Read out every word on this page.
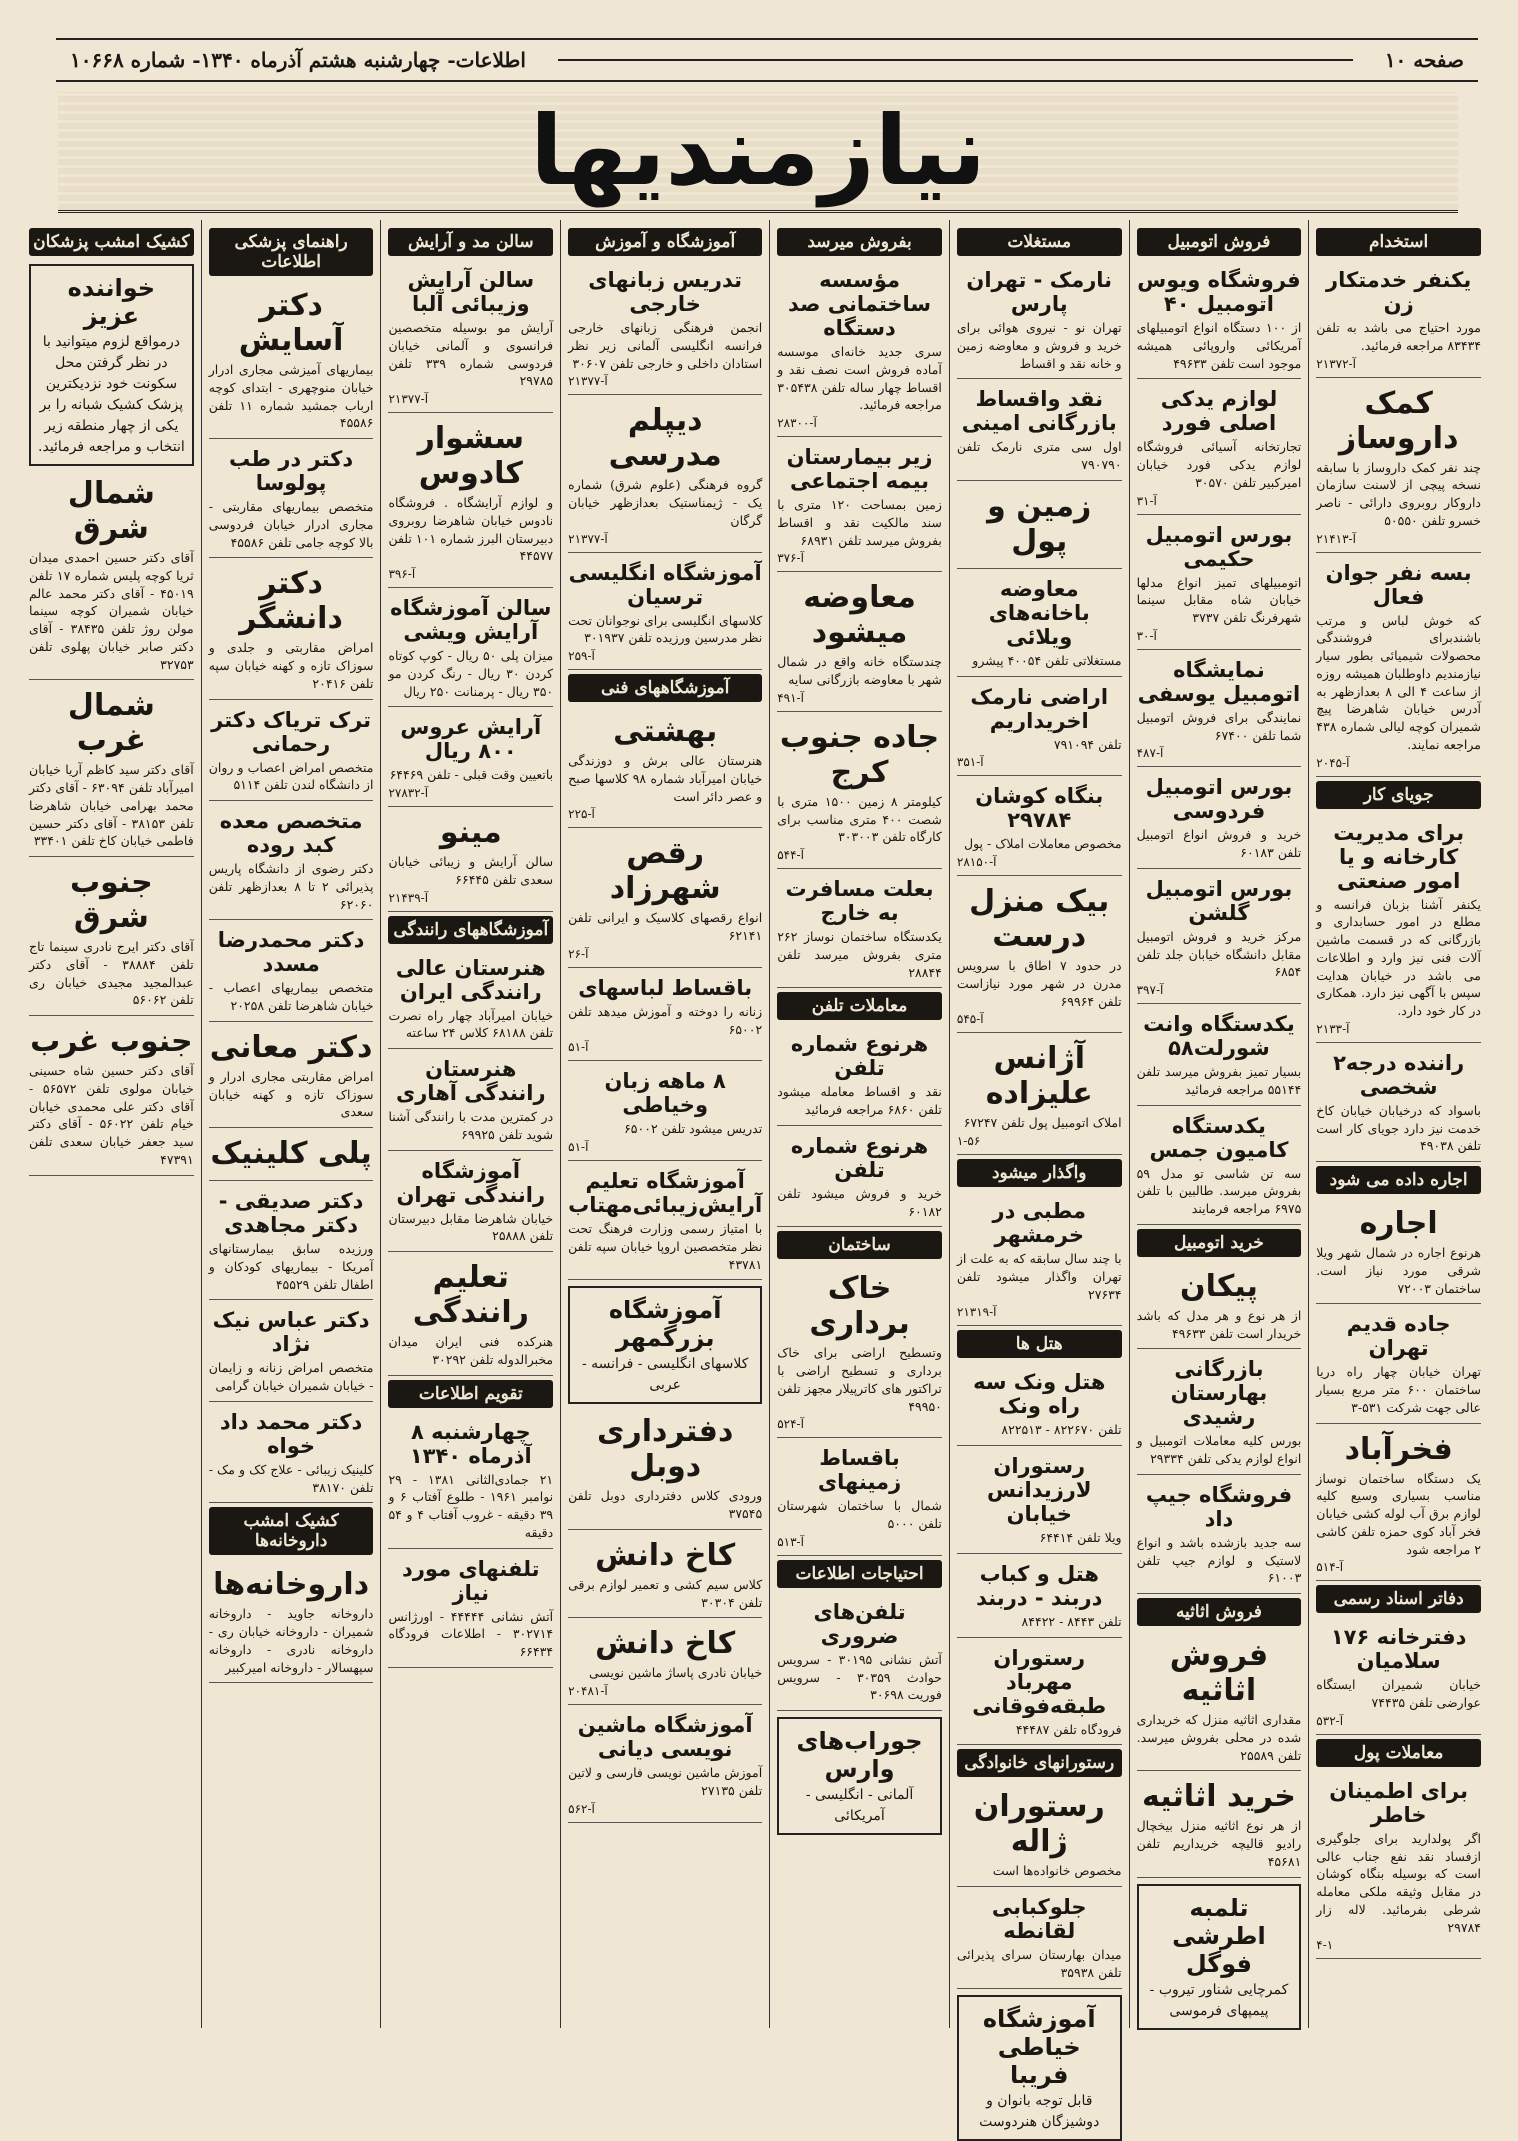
صفحه ۱۰
اطلاعات- چهارشنبه هشتم آذرماه ۱۳۴۰- شماره ۱۰۶۶۸
نیازمندیها
استخدام
یکنفر خدمتکار زن

مورد احتیاج می باشد به تلفن ۸۳۴۳۴ مراجعه فرمائید.

آ-۲۱۳۷۲
کمک داروساز

چند نفر کمک داروساز با سابقه نسخه پیچی از لاسنت سازمان داروکار روبروی دارائی - ناصر خسرو تلفن ۵۰۵۵۰

آ-۲۱۴۱۳
بسه نفر جوان فعال

که خوش لباس و مرتب باشندبرای فروشندگی محصولات شیمیائی بطور سیار نیازمندیم داوطلبان همیشه روزه از ساعت ۴ الی ۸ بعدازظهر به آدرس خیابان شاهرضا پیچ شمیران کوچه لیالی شماره ۴۳۸ مراجعه نمایند.

آ-۲۰۴۵
جویای کار
برای مدیریت کارخانه و یا امور صنعتی

یکنفر آشنا بزبان فرانسه و مطلع در امور حسابداری و بازرگانی که در قسمت ماشین آلات فنی نیز وارد و اطلاعات می باشد در خیابان هدایت سپس با آگهی نیز دارد. همکاری در کار خود دارد.

آ-۲۱۳۳
راننده درجه۲ شخصی

باسواد که درخیابان خیابان کاخ خدمت نیز دارد جویای کار است تلفن ۴۹۰۳۸

اجاره داده می شود
اجاره

هرنوع اجاره در شمال شهر ویلا شرقی مورد نیاز است. ساختمان ۷۲۰۰۳

جاده قدیم تهران

تهران خیابان چهار راه دریا ساختمان ۶۰۰ متر مربع بسیار عالی جهت شرکت ۵۳۱-۳

فخرآباد

یک دستگاه ساختمان نوساز مناسب بسیاری وسیع کلیه لوازم برق آب لوله کشی خیابان فخر آباد کوی حمزه تلفن کاشی ۲ مراجعه شود

آ-۵۱۴
دفاتر اسناد رسمی
دفترخانه ۱۷۶ سلامیان

خیابان شمیران ایستگاه عوارضی تلفن ۷۴۴۳۵

آ-۵۳۲
معاملات پول
برای اطمینان خاطر

اگر پولداريد برای جلوگيری ازفساد نقد نفع جناب عالی است که بوسيله بنگاه کوشان در مقابل وثيقه ملکی معامله شرطی بفرمائيد. لاله زار ۲۹۷۸۴

۴-۱
فروش اتومبیل
فروشگاه ویوس اتومبیل ۴۰

از ۱۰۰ دستگاه انواع اتومبیلهای آمریکائی واروپائی همیشه موجود است تلفن ۴۹۶۳۳

لوازم یدکی اصلی فورد

تجارتخانه آسیائی فروشگاه لوازم یدکی فورد خیابان امیرکبیر تلفن ۳۰۵۷۰

آ-۳۱
بورس اتومبیل حکیمی

اتومبیلهای تمیز انواع مدلها خیابان شاه مقابل سینما شهرفرنگ تلفن ۳۷۳۷

آ-۳۰
نمایشگاه اتومبیل یوسفی

نمایندگی برای فروش اتومبیل شما تلفن ۶۷۴۰۰

آ-۴۸۷
بورس اتومبیل فردوسی

خرید و فروش انواع اتومبیل تلفن ۶۰۱۸۳

بورس اتومبیل گلشن

مرکز خرید و فروش اتومبیل مقابل دانشگاه خیابان جلد تلفن ۶۸۵۴

آ-۳۹۷
یکدستگاه وانت شورلت۵۸

بسیار تمیز بفروش میرسد تلفن ۵۵۱۴۴ مراجعه فرمائید

یکدستگاه کامیون جمس

سه تن شاسی تو مدل ۵۹ بفروش میرسد. طالبین با تلفن ۶۹۷۵ مراجعه فرمایند

خرید اتومبیل
پیکان

از هر نوع و هر مدل که باشد خریدار است تلفن ۴۹۶۳۳

بازرگانی بهارستان رشیدی

بورس کلیه معاملات اتومبیل و انواع لوازم یدکی تلفن ۲۹۳۳۴

فروشگاه جیپ داد

سه جدید بازشده باشد و انواع لاستیک و لوازم جیپ تلفن ۶۱۰۰۳

فروش اثاثیه
فروش اثاثیه

مقداری اثاثیه منزل که خریداری شده در محلی بفروش میرسد. تلفن ۲۵۵۸۹

خرید اثاثیه

از هر نوع اثاثیه منزل بیخچال رادیو قالیچه خریداریم تلفن ۴۵۶۸۱

تلمبه اطرشی فوگل

کمرچایی شناور تیروب - پیمپهای فرموسی

مستغلات
نارمک - تهران پارس

تهران نو - نیروی هوائی برای خرید و فروش و معاوضه زمین و خانه نقد و اقساط

نقد واقساط بازرگانی امینی

اول سی متری نارمک تلفن ۷۹۰۷۹۰

زمین و پول
معاوضه باخانه‌های ویلائی

مستغلاتی تلفن ۴۰۰۵۴ پیشرو

اراضی نارمک اخریداریم

تلفن ۷۹۱۰۹۴

آ-۳۵۱
بنگاه کوشان ۲۹۷۸۴

مخصوص معاملات املاک - پول

آ-۲۸۱۵۰
بیک منزل درست

در حدود ۷ اطاق با سرویس مدرن در شهر مورد نیازاست تلفن ۶۹۹۶۴

آ-۵۴۵
آژانس علیزاده

املاک اتومبیل پول تلفن ۶۷۲۴۷

۱-۵۶
واگذار میشود
مطبی در خرمشهر

با چند سال سابقه که به علت از تهران واگذار میشود تلفن ۲۷۶۳۴

آ-۲۱۳۱۹
هتل ها
هتل ونک سه راه ونک

تلفن ۸۲۲۶۷۰ - ۸۲۲۵۱۳

رستوران لارزیدانس خیابان

ویلا تلفن ۶۴۴۱۴

هتل و کباب دربند - دربند

تلفن ۸۴۴۳ - ۸۴۴۲۲

رستوران مهرباد طبقه‌فوقانی

فرودگاه تلفن ۴۴۴۸۷

رستورانهای خانوادگی
رستوران ژاله

مخصوص خانواده‌ها است

جلوکبابی لقانطه

میدان بهارستان سرای پذیرائی تلفن ۳۵۹۳۸

آموزشگاه خیاطی فریبا

قابل توجه بانوان و دوشیزگان هنردوست

بفروش میرسد
مؤسسه ساختمانی صد دستگاه

سری جدید خانه‌ای موسسه آماده فروش است نصف نقد و اقساط چهار ساله تلفن ۳۰۵۴۳۸ مراجعه فرمائید.

آ-۲۸۳۰۰
زیر بیمارستان بیمه اجتماعی

زمین بمساحت ۱۲۰ متری با سند مالکیت نقد و اقساط بفروش میرسد تلفن ۶۸۹۳۱

آ-۳۷۶
معاوضه میشود

چندستگاه خانه واقع در شمال شهر با معاوضه بازرگانی سایه

آ-۴۹۱
جاده جنوب کرج

کیلومتر ۸ زمین ۱۵۰۰ متری با شصت ۴۰۰ متری مناسب برای کارگاه تلفن ۳۰۳۰۰۳

آ-۵۴۴
بعلت مسافرت به خارج

یکدستگاه ساختمان نوساز ۲۶۲ متری بفروش میرسد تلفن ۲۸۸۴۴

معاملات تلفن
هرنوع شماره تلفن

نقد و اقساط معامله میشود تلفن ۶۸۶۰ مراجعه فرمائید

هرنوع شماره تلفن

خرید و فروش میشود تلفن ۶۰۱۸۲

ساختمان
خاک برداری

وتسطیح اراضی برای خاک برداری و تسطیح اراضی با تراکتور های کاترپیلار مجهز تلفن ۴۹۹۵۰

آ-۵۲۴
باقساط زمینهای

شمال با ساختمان شهرستان تلفن ۵۰۰۰

آ-۵۱۳
احتیاجات اطلاعات
تلفن‌های ضروری

آتش نشانی ۳۰۱۹۵ - سرویس حوادث ۳۰۳۵۹ - سرویس فوریت ۳۰۶۹۸

جوراب‌های وارس

آلمانی - انگلیسی - آمریکائی

آموزشگاه و آموزش
تدریس زبانهای خارجی

انجمن فرهنگی زبانهای خارجی فرانسه انگلیسی آلمانی زیر نظر استادان داخلی و خارجی تلفن ۳۰۶۰۷

آ-۲۱۳۷۷
دیپلم مدرسی

گروه فرهنگی (علوم شرق) شماره یک - ژیمناستیک بعدازظهر خیابان گرگان

آ-۲۱۳۷۷
آموزشگاه انگلیسی ترسیان

کلاسهای انگلیسی برای نوجوانان تحت نظر مدرسین ورزیده تلفن ۳۰۱۹۳۷

آ-۲۵۹
آموزشگاههای فنی
بهشتی

هنرستان عالی برش و دوزندگی خیابان امیرآباد شماره ۹۸ کلاسها صبح و عصر دائر است

آ-۲۲۵
رقص شهرزاد

انواع رقصهای کلاسیک و ایرانی تلفن ۶۲۱۴۱

آ-۲۶
باقساط لباسهای

زنانه را دوخته و آموزش میدهد تلفن ۶۵۰۰۲

آ-۵۱
۸ ماهه زبان وخیاطی

تدریس میشود تلفن ۶۵۰۰۲

آ-۵۱
آموزشگاه تعلیم آرایش‌زیبائی‌مهتاب

با امتیاز رسمی وزارت فرهنگ تحت نظر متخصصین اروپا خیابان سپه تلفن ۴۳۷۸۱

آموزشگاه بزرگمهر

کلاسهای انگلیسی - فرانسه - عربی

دفترداری دوبل

ورودی کلاس دفترداری دوبل تلفن ۳۷۵۴۵

کاخ دانش

کلاس سیم کشی و تعمیر لوازم برقی تلفن ۳۰۳۰۴

کاخ دانش

خیابان نادری پاساژ ماشین نویسی

آ-۲۰۴۸۱
آموزشگاه ماشین نویسی دیانی

آموزش ماشین نویسی فارسی و لاتین تلفن ۲۷۱۳۵

آ-۵۶۲
سالن مد و آرایش
سالن آرایش وزیبائی آلبا

آرایش مو بوسیله متخصصین فرانسوی و آلمانی خیابان فردوسی شماره ۳۳۹ تلفن ۲۹۷۸۵

آ-۲۱۳۷۷
سشوار کادوس

و لوازم آرایشگاه . فروشگاه نادوس خیابان شاهرضا روبروی دبیرستان البرز شماره ۱۰۱ تلفن ۴۴۵۷۷

آ-۳۹۶
سالن آموزشگاه آرایش ویشی

میزان پلی ۵۰ ریال - کوپ کوتاه کردن ۳۰ ریال - رنگ کردن مو ۳۵۰ ریال - پرمنانت ۲۵۰ ریال

آرایش عروس ۸۰۰ ریال

باتعیین وقت قبلی - تلفن ۶۴۴۶۹

آ-۲۷۸۳۲
مینو

سالن آرایش و زیبائی خیابان سعدی تلفن ۶۶۴۴۵

آ-۲۱۴۳۹
آموزشگاههای رانندگی
هنرستان عالی رانندگی ایران

خیابان امیرآباد چهار راه نصرت تلفن ۶۸۱۸۸ کلاس ۲۴ ساعته

هنرستان رانندگی آهاری

در کمترین مدت با رانندگی آشنا شوید تلفن ۶۹۹۲۵

آموزشگاه رانندگی تهران

خیابان شاهرضا مقابل دبیرستان تلفن ۲۵۸۸۸

تعلیم رانندگی

هنرکده فنی ایران میدان مخبرالدوله تلفن ۳۰۲۹۲

تقویم اطلاعات
چهارشنبه ۸ آذرماه ۱۳۴۰

۲۱ جمادی‌الثانی ۱۳۸۱ - ۲۹ نوامبر ۱۹۶۱ - طلوع آفتاب ۶ و ۳۹ دقیقه - غروب آفتاب ۴ و ۵۴ دقیقه

تلفنهای مورد نیاز

آتش نشانی ۴۴۴۴۴ - اورژانس ۳۰۲۷۱۴ - اطلاعات فرودگاه ۶۶۴۳۴

راهنمای پزشکی اطلاعات
دکتر آسایش

بیماریهای آمیزشی مجاری ادرار خیابان منوچهری - ابتدای کوچه ارباب جمشید شماره ۱۱ تلفن ۴۵۵۸۶

دکتر در طب پولوسا

متخصص بیماریهای مقاربتی - مجاری ادرار خیابان فردوسی بالا کوچه جامی تلفن ۴۵۵۸۶

دکتر دانشگر

امراض مقاربتی و جلدی و سوزاک تازه و کهنه خیابان سپه تلفن ۲۰۴۱۶

ترک تریاک دکتر رحمانی

متخصص امراض اعصاب و روان از دانشگاه لندن تلفن ۵۱۱۴

متخصص معده کبد روده

دکتر رضوی از دانشگاه پاریس پذیرائی ۲ تا ۸ بعدازظهر تلفن ۶۲۰۶۰

دکتر محمدرضا مسدد

متخصص بیماریهای اعصاب - خیابان شاهرضا تلفن ۲۰۲۵۸

دکتر معانی

امراض مقاربتی مجاری ادرار و سوزاک تازه و کهنه خیابان سعدی

پلی کلینیک
دکتر صدیقی - دکتر مجاهدی

ورزیده سابق بیمارستانهای آمریکا - بیماریهای کودکان و اطفال تلفن ۴۵۵۲۹

دکتر عباس نیک نژاد

متخصص امراض زنانه و زایمان - خیابان شمیران خیابان گرامی

دکتر محمد داد خواه

کلینیک زیبائی - علاج کک و مک - تلفن ۳۸۱۷۰

کشیک امشب داروخانه‌ها
داروخانه‌ها

داروخانه جاوید - داروخانه شمیران - داروخانه خیابان ری - داروخانه نادری - داروخانه سپهسالار - داروخانه امیرکبیر

کشیک امشب پزشکان
خواننده عزیز

درمواقع لزوم میتوانید با در نظر گرفتن محل سکونت خود نزدیکترین پزشک کشیک شبانه را بر یکی از چهار منطقه زیر انتخاب و مراجعه فرمائید.

شمال شرق

آقای دکتر حسین احمدی میدان ثریا کوچه پلیس شماره ۱۷ تلفن ۴۵۰۱۹ - آقای دکتر محمد عالم خیابان شمیران کوچه سینما مولن روژ تلفن ۳۸۴۳۵ - آقای دکتر صابر خیابان پهلوی تلفن ۳۲۷۵۳

شمال غرب

آقای دکتر سید کاظم آریا خیابان امیرآباد تلفن ۶۳۰۹۴ - آقای دکتر محمد بهرامی خیابان شاهرضا تلفن ۳۸۱۵۳ - آقای دکتر حسین فاطمی خیابان کاخ تلفن ۳۳۴۰۱

جنوب شرق

آقای دکتر ایرج نادری سینما تاج تلفن ۳۸۸۸۴ - آقای دکتر عبدالمجید مجیدی خیابان ری تلفن ۵۶۰۶۲

جنوب غرب

آقای دکتر حسین شاه حسینی خیابان مولوی تلفن ۵۶۵۷۲ - آقای دکتر علی محمدی خیابان خیام تلفن ۵۶۰۲۲ - آقای دکتر سید جعفر خیابان سعدی تلفن ۴۷۳۹۱
